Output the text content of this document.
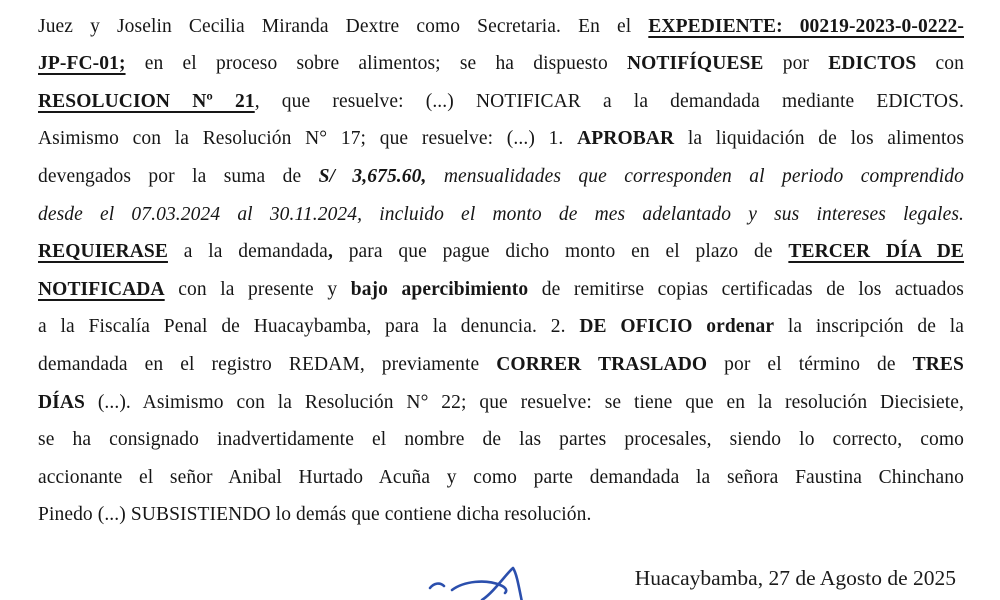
Juez y Joselin Cecilia Miranda Dextre como Secretaria. En el EXPEDIENTE: 00219-2023-0-0222-
JP-FC-01; en el proceso sobre alimentos; se ha dispuesto NOTIFÍQUESE por EDICTOS con
RESOLUCION Nº 21, que resuelve: (...) NOTIFICAR a la demandada mediante EDICTOS.
Asimismo con la Resolución N° 17; que resuelve: (...) 1. APROBAR la liquidación de los alimentos
devengados por la suma de S/ 3,675.60, mensualidades que corresponden al periodo comprendido
desde el 07.03.2024 al 30.11.2024, incluido el monto de mes adelantado y sus intereses legales.
REQUIERASE a la demandada, para que pague dicho monto en el plazo de TERCER DÍA DE
NOTIFICADA con la presente y bajo apercibimiento de remitirse copias certificadas de los actuados
a la Fiscalía Penal de Huacaybamba, para la denuncia. 2. DE OFICIO ordenar la inscripción de la
demandada en el registro REDAM, previamente CORRER TRASLADO por el término de TRES
DÍAS (...). Asimismo con la Resolución N° 22; que resuelve: se tiene que en la resolución Diecisiete,
se ha consignado inadvertidamente el nombre de las partes procesales, siendo lo correcto, como
accionante el señor Anibal Hurtado Acuña y como parte demandada la señora Faustina Chinchano
Pinedo (...) SUBSISTIENDO lo demás que contiene dicha resolución.
Huacaybamba, 27 de Agosto de 2025
